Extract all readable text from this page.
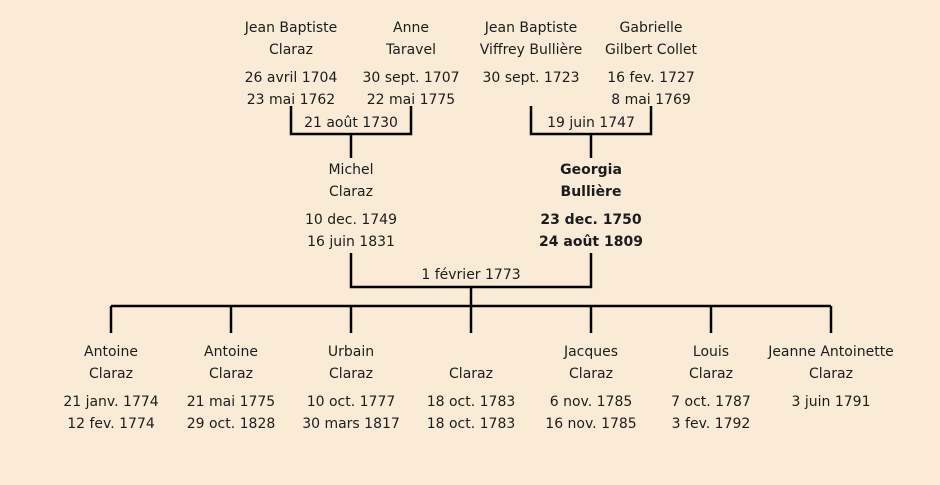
Jean Baptiste
Claraz
26 avril 1704
23 mai 1762
Anne
Taravel
30 sept. 1707
22 mai 1775
Jean Baptiste
Viffrey Bullière
30 sept. 1723
Gabrielle
Gilbert Collet
16 fev. 1727
8 mai 1769
21 août 1730	19 juin 1747
1 février 1773
Michel
Claraz
10 dec. 1749
16 juin 1831
Georgia
Bullière
23 dec. 1750
24 août 1809
Antoine
Claraz
21 janv. 1774
12 fev. 1774
Antoine
Claraz
21 mai 1775
29 oct. 1828
Urbain
Claraz
10 oct. 1777
30 mars 1817
Claraz
18 oct. 1783
18 oct. 1783
Jacques
Claraz
6 nov. 1785
16 nov. 1785
Louis
Claraz
7 oct. 1787
3 fev. 1792
Jeanne Antoinette
Claraz
3 juin 1791
